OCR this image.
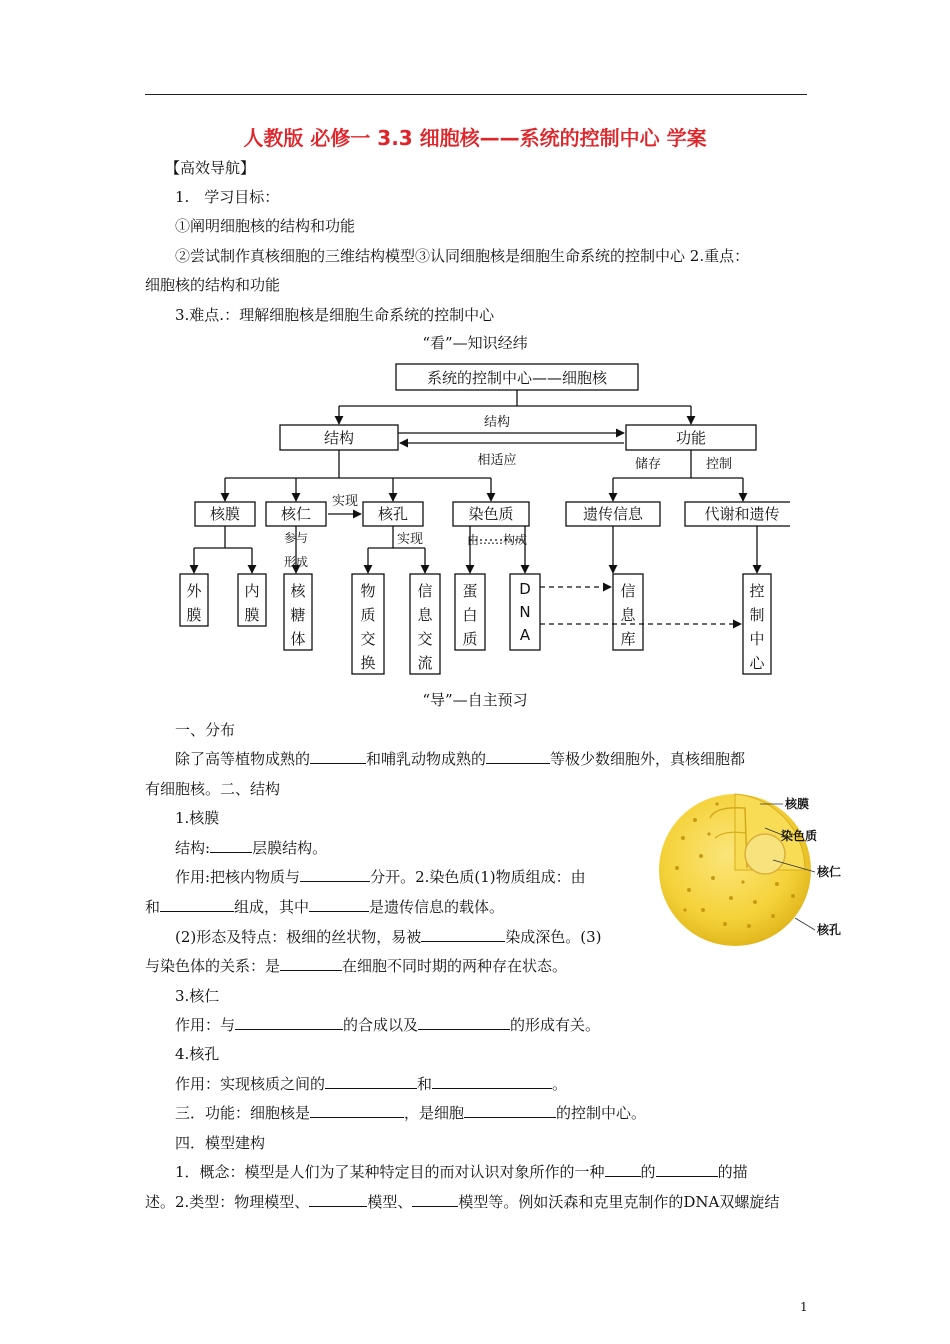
人教版 必修一 3.3 细胞核——系统的控制中心 学案
【高效导航】
1.　学习目标：
①阐明细胞核的结构和功能
②尝试制作真核细胞的三维结构模型③认同细胞核是细胞生命系统的控制中心 2.重点：
细胞核的结构和功能
3.难点.：理解细胞核是细胞生命系统的控制中心
“看”—知识经纬
系统的控制中心——细胞核
结构	功能
结构
相适应	储存	控制
核膜	核仁	核孔	染色质	遗传信息	代谢和遗传
实现
实现
参与
形成
由……构成
外膜
内膜
核糖体
物质交换
信息交流
蛋白质
D N A
信息库
控制中心
“导”—自主预习
一、分布
除了高等植物成熟的	和哺乳动物成熟的	等极少数细胞外，真核细胞都
有细胞核。二、结构
1.核膜
结构:	层膜结构。
作用:把核内物质与	分开。2.染色质(1)物质组成：由
和	组成，其中	是遗传信息的载体。
(2)形态及特点：极细的丝状物，易被	染成深色。(3)
与染色体的关系：是	在细胞不同时期的两种存在状态。
3.核仁
作用：与	的合成以及	的形成有关。
4.核孔
作用：实现核质之间的	和	。
三．功能：细胞核是	，是细胞	的控制中心。
四．模型建构
1．概念：模型是人们为了某种特定目的而对认识对象所作的一种 的	的描
述。2.类型：物理模型、	模型、	模型等。例如沃森和克里克制作的DNA双螺旋结
核膜
染色质
核仁
核孔
1
